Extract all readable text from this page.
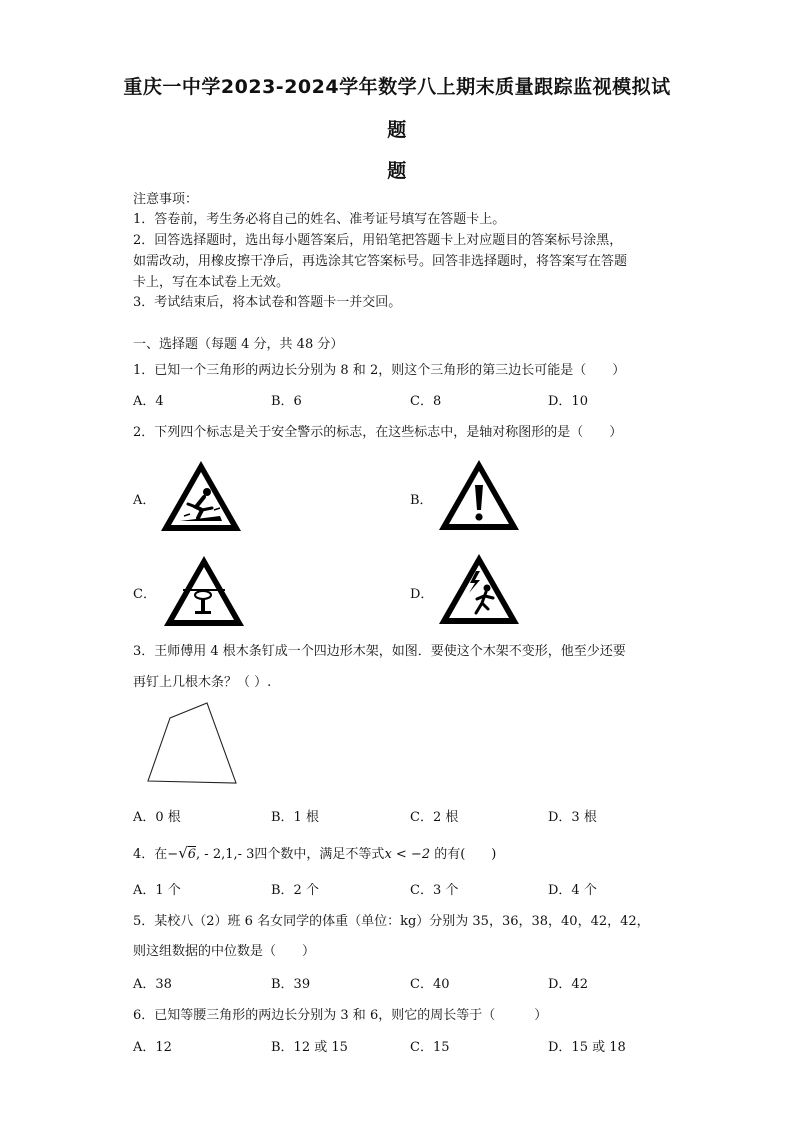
重庆一中学2023-2024学年数学八上期末质量跟踪监视模拟试
题
题
注意事项：
1．答卷前，考生务必将自己的姓名、准考证号填写在答题卡上。
2．回答选择题时，选出每小题答案后，用铅笔把答题卡上对应题目的答案标号涂黑，
如需改动，用橡皮擦干净后，再选涂其它答案标号。回答非选择题时，将答案写在答题
卡上，写在本试卷上无效。
3．考试结束后，将本试卷和答题卡一并交回。
一、选择题（每题 4 分，共 48 分）
1．已知一个三角形的两边长分别为 8 和 2，则这个三角形的第三边长可能是（　　）
A．4	B．6	C．8	D．10
2．下列四个标志是关于安全警示的标志，在这些标志中，是轴对称图形的是（　　）
A．	B．
C．	D．
3．王师傅用 4 根木条钉成一个四边形木架，如图．要使这个木架不变形，他至少还要
再钉上几根木条？（ ）.
A．0 根	B．1 根	C．2 根	D．3 根
4．在−√6, - 2,1,- 3四个数中，满足不等式x < −2 的有(　　)
A．1 个	B．2 个	C．3 个	D．4 个
5．某校八（2）班 6 名女同学的体重（单位：kg）分别为 35，36，38，40，42，42，
则这组数据的中位数是（　　）
A．38	B．39	C．40	D．42
6．已知等腰三角形的两边长分别为 3 和 6，则它的周长等于（　　　）
A．12	B．12 或 15	C．15	D．15 或 18
